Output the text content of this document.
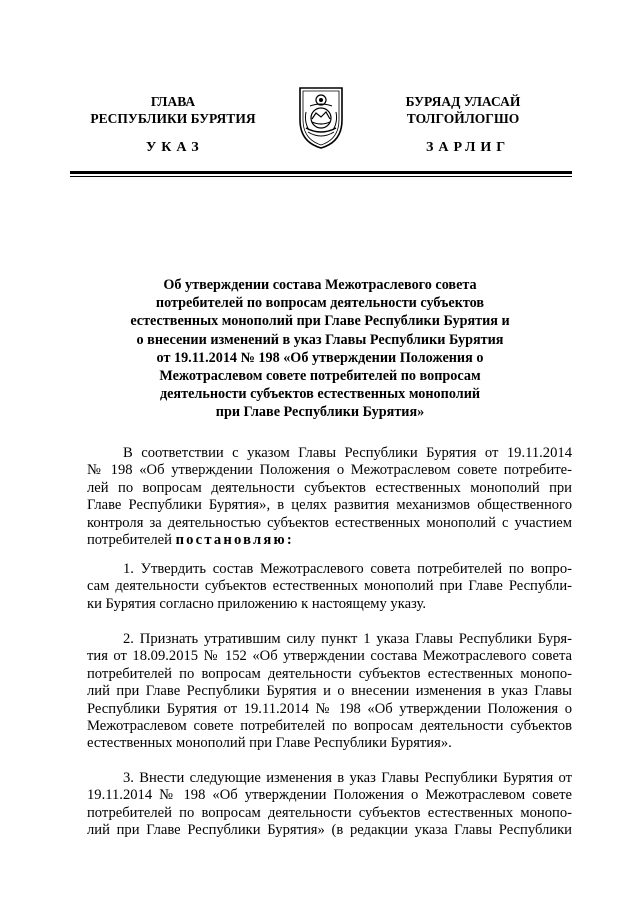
ГЛАВА
РЕСПУБЛИКИ БУРЯТИЯ
БУРЯАД УЛАСАЙ
ТОЛГОЙЛОГШО
УКАЗ	ЗАРЛИГ
Об утверждении состава Межотраслевого совета
потребителей по вопросам деятельности субъектов
естественных монополий при Главе Республики Бурятия и
о внесении изменений в указ Главы Республики Бурятия
от 19.11.2014 № 198 «Об утверждении Положения о
Межотраслевом совете потребителей по вопросам
деятельности субъектов естественных монополий
при Главе Республики Бурятия»
В соответствии с указом Главы Республики Бурятия от 19.11.2014
№ 198 «Об утверждении Положения о Межотраслевом совете потребите-
лей по вопросам деятельности субъектов естественных монополий при
Главе Республики Бурятия», в целях развития механизмов общественного
контроля за деятельностью субъектов естественных монополий с участием
потребителей постановляю:
1. Утвердить состав Межотраслевого совета потребителей по вопро-
сам деятельности субъектов естественных монополий при Главе Республи-
ки Бурятия согласно приложению к настоящему указу.
2. Признать утратившим силу пункт 1 указа Главы Республики Буря-
тия от 18.09.2015 № 152 «Об утверждении состава Межотраслевого совета
потребителей по вопросам деятельности субъектов естественных монопо-
лий при Главе Республики Бурятия и о внесении изменения в указ Главы
Республики Бурятия от 19.11.2014 № 198 «Об утверждении Положения о
Межотраслевом совете потребителей по вопросам деятельности субъектов
естественных монополий при Главе Республики Бурятия».
3. Внести следующие изменения в указ Главы Республики Бурятия от
19.11.2014 № 198 «Об утверждении Положения о Межотраслевом совете
потребителей по вопросам деятельности субъектов естественных монопо-
лий при Главе Республики Бурятия» (в редакции указа Главы Республики
